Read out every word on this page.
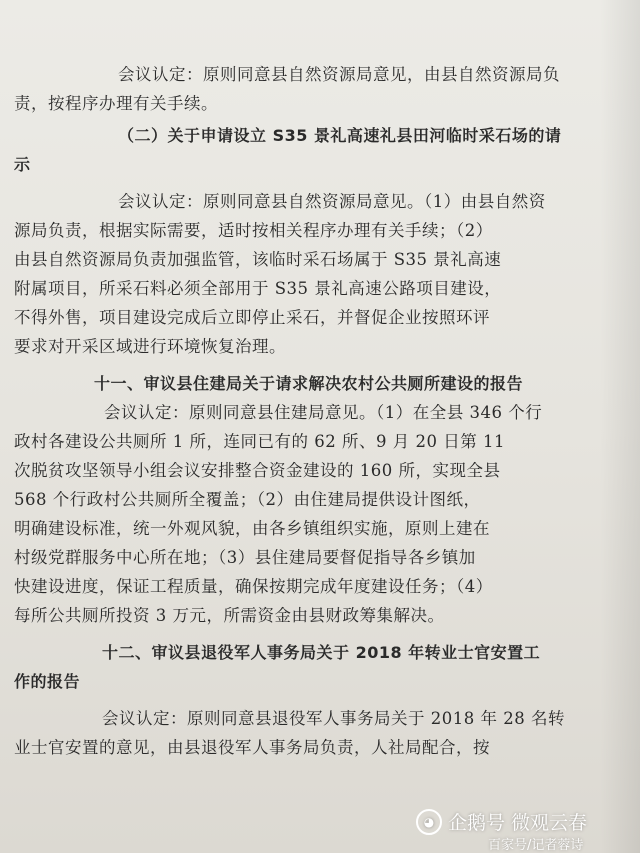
会议认定：原则同意县自然资源局意见，由县自然资源局负
责，按程序办理有关手续。
（二）关于申请设立 S35 景礼高速礼县田河临时采石场的请
示
会议认定：原则同意县自然资源局意见。（1）由县自然资
源局负责，根据实际需要，适时按相关程序办理有关手续；（2）
由县自然资源局负责加强监管，该临时采石场属于 S35 景礼高速
附属项目，所采石料必须全部用于 S35 景礼高速公路项目建设，
不得外售，项目建设完成后立即停止采石，并督促企业按照环评
要求对开采区域进行环境恢复治理。
十一、审议县住建局关于请求解决农村公共厕所建设的报告
会议认定：原则同意县住建局意见。（1）在全县 346 个行
政村各建设公共厕所 1 所，连同已有的 62 所、9 月 20 日第 11
次脱贫攻坚领导小组会议安排整合资金建设的 160 所，实现全县
568 个行政村公共厕所全覆盖；（2）由住建局提供设计图纸，
明确建设标准，统一外观风貌，由各乡镇组织实施，原则上建在
村级党群服务中心所在地；（3）县住建局要督促指导各乡镇加
快建设进度，保证工程质量，确保按期完成年度建设任务；（4）
每所公共厕所投资 3 万元，所需资金由县财政筹集解决。
十二、审议县退役军人事务局关于 2018 年转业士官安置工
作的报告
会议认定：原则同意县退役军人事务局关于 2018 年 28 名转
业士官安置的意见，由县退役军人事务局负责，人社局配合，按
◕ 企鹅号 微观云春
百家号/记者蓉诗
